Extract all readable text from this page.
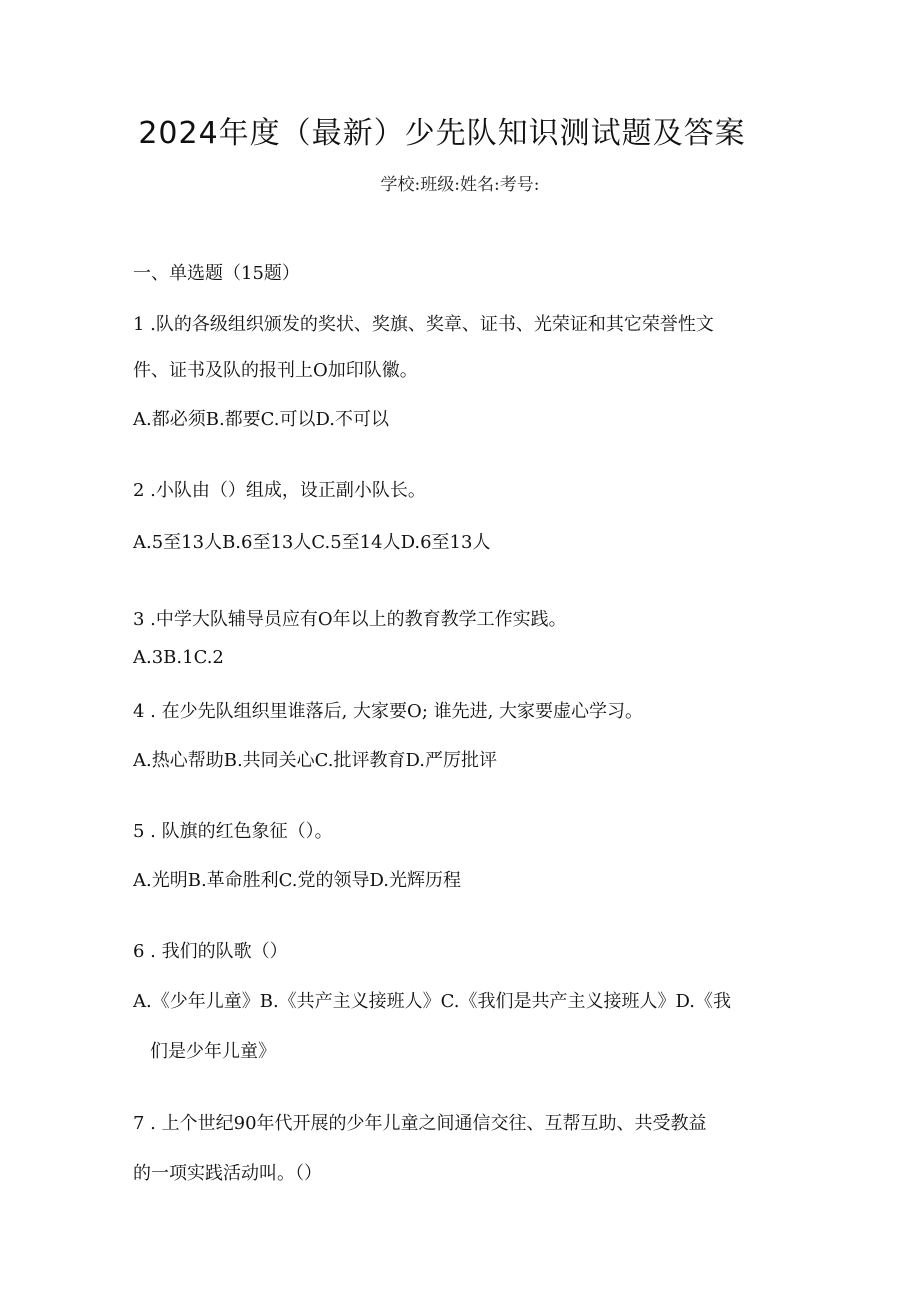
2024年度（最新）少先队知识测试题及答案
学校:班级:姓名:考号:
一、单选题（15题）
1 .队的各级组织颁发的奖状、奖旗、奖章、证书、光荣证和其它荣誉性文
件、证书及队的报刊上O加印队徽。
A.都必须B.都要C.可以D.不可以
2 .小队由（）组成，设正副小队长。
A.5至13人B.6至13人C.5至14人D.6至13人
3 .中学大队辅导员应有O年以上的教育教学工作实践。
A.3B.1C.2
4 . 在少先队组织里谁落后, 大家要O; 谁先进, 大家要虚心学习。
A.热心帮助B.共同关心C.批评教育D.严厉批评
5 . 队旗的红色象征（）。
A.光明B.革命胜利C.党的领导D.光辉历程
6 . 我们的队歌（）
A.《少年儿童》B.《共产主义接班人》C.《我们是共产主义接班人》D.《我
们是少年儿童》
7 . 上个世纪90年代开展的少年儿童之间通信交往、互帮互助、共受教益
的一项实践活动叫。（）
